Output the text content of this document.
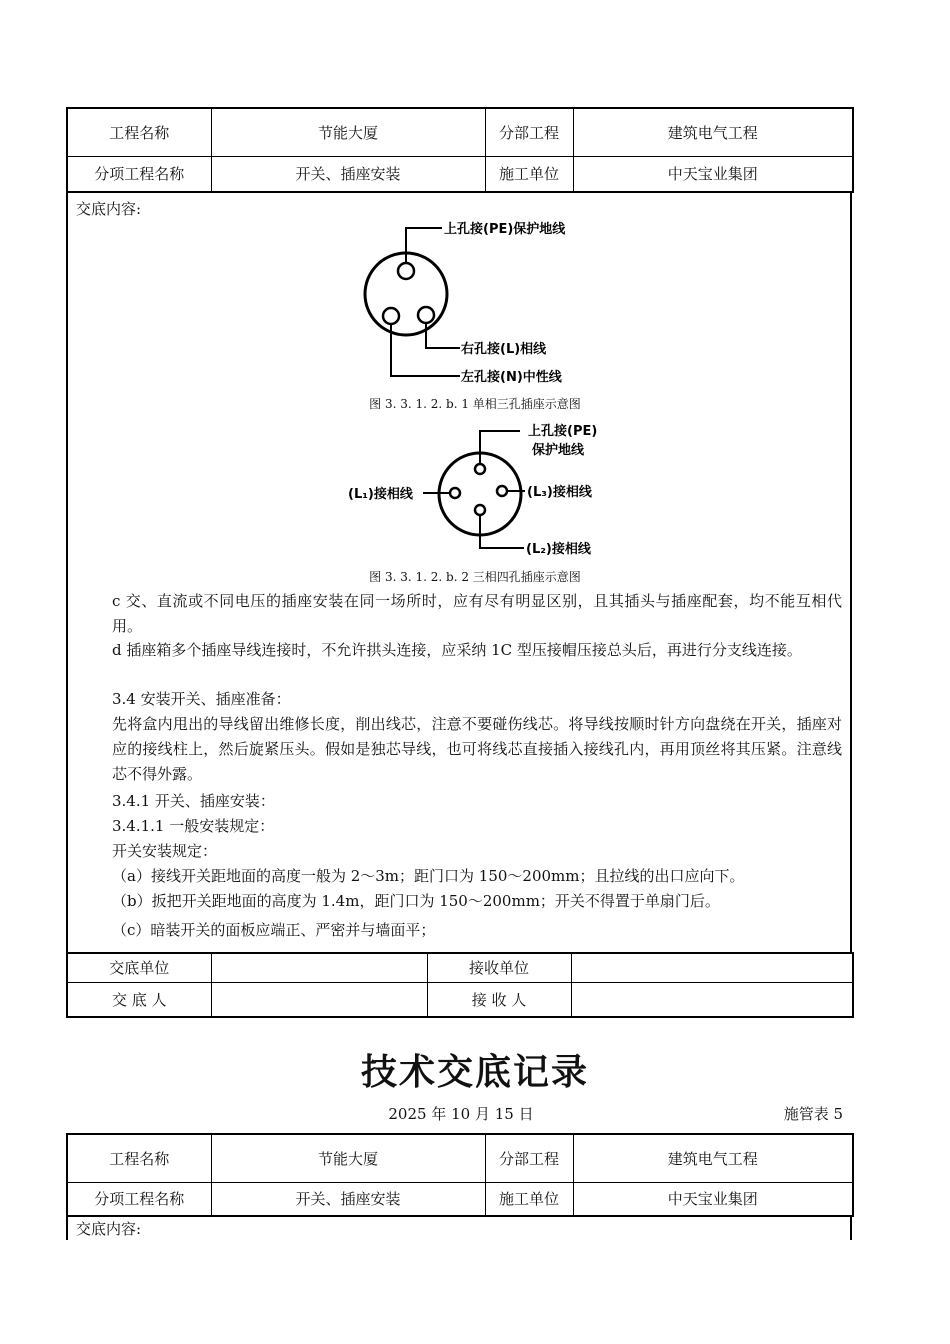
工程名称	节能大厦	分部工程	建筑电气工程
分项工程名称	开关、插座安装	施工单位	中天宝业集团
交底内容:
上孔接(PE)保护地线
右孔接(L)相线
左孔接(N)中性线
图 3. 3. 1. 2. b. 1 单相三孔插座示意图
上孔接(PE)
保护地线
(L₁)接相线	(L₃)接相线
(L₂)接相线
图 3. 3. 1. 2. b. 2 三相四孔插座示意图
c 交、直流或不同电压的插座安装在同一场所时，应有尽有明显区别，且其插头与插座配套，均不能互相代用。
d 插座箱多个插座导线连接时，不允许拱头连接，应采纳 1C 型压接帽压接总头后，再进行分支线连接。
3.4 安装开关、插座准备：
先将盒内甩出的导线留出维修长度，削出线芯，注意不要碰伤线芯。将导线按顺时针方向盘绕在开关，插座对应的接线柱上，然后旋紧压头。假如是独芯导线，也可将线芯直接插入接线孔内，再用顶丝将其压紧。注意线芯不得外露。
3.4.1 开关、插座安装：
3.4.1.1 一般安装规定：
开关安装规定：
（a）接线开关距地面的高度一般为 2～3m；距门口为 150～200mm；且拉线的出口应向下。
（b）扳把开关距地面的高度为 1.4m，距门口为 150～200mm；开关不得置于单扇门后。
（c）暗装开关的面板应端正、严密并与墙面平；
交底单位		接收单位	
交 底 人		接 收 人	
技术交底记录
2025 年 10 月 15 日	施管表 5
工程名称	节能大厦	分部工程	建筑电气工程
分项工程名称	开关、插座安装	施工单位	中天宝业集团
交底内容:
